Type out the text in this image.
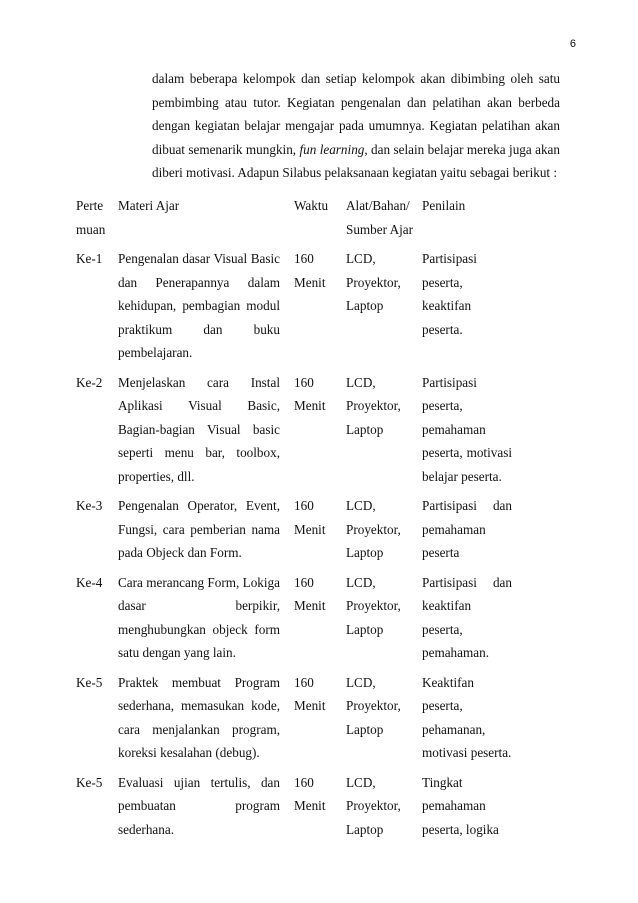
6

dalam beberapa kelompok dan setiap kelompok akan dibimbing oleh satu pembimbing atau tutor. Kegiatan pengenalan dan pelatihan akan berbeda dengan kegiatan belajar mengajar pada umumnya. Kegiatan pelatihan akan dibuat semenarik mungkin, fun learning, dan selain belajar mereka juga akan diberi motivasi. Adapun Silabus pelaksanaan kegiatan yaitu sebagai berikut :

Perte muan	Materi Ajar	Waktu	Alat/Bahan/ Sumber Ajar	Penilain
Ke-1	Pengenalan dasar Visual Basic dan Penerapannya dalam kehidupan, pembagian modul praktikum dan buku pembelajaran.	160 Menit	LCD, Proyektor, Laptop	Partisipasi peserta, keaktifan peserta.
Ke-2	Menjelaskan cara Instal Aplikasi Visual Basic, Bagian-bagian Visual basic seperti menu bar, toolbox, properties, dll.	160 Menit	LCD, Proyektor, Laptop	Partisipasi peserta, pemahaman peserta, motivasi belajar peserta.
Ke-3	Pengenalan Operator, Event, Fungsi, cara pemberian nama pada Objeck dan Form.	160 Menit	LCD, Proyektor, Laptop	Partisipasi dan pemahaman peserta
Ke-4	Cara merancang Form, Lokiga dasar berpikir, menghubungkan objeck form satu dengan yang lain.	160 Menit	LCD, Proyektor, Laptop	Partisipasi dan keaktifan peserta, pemahaman.
Ke-5	Praktek membuat Program sederhana, memasukan kode, cara menjalankan program, koreksi kesalahan (debug).	160 Menit	LCD, Proyektor, Laptop	Keaktifan peserta, pehamanan, motivasi peserta.
Ke-5	Evaluasi ujian tertulis, dan pembuatan program sederhana.	160 Menit	LCD, Proyektor, Laptop	Tingkat pemahaman peserta, logika
